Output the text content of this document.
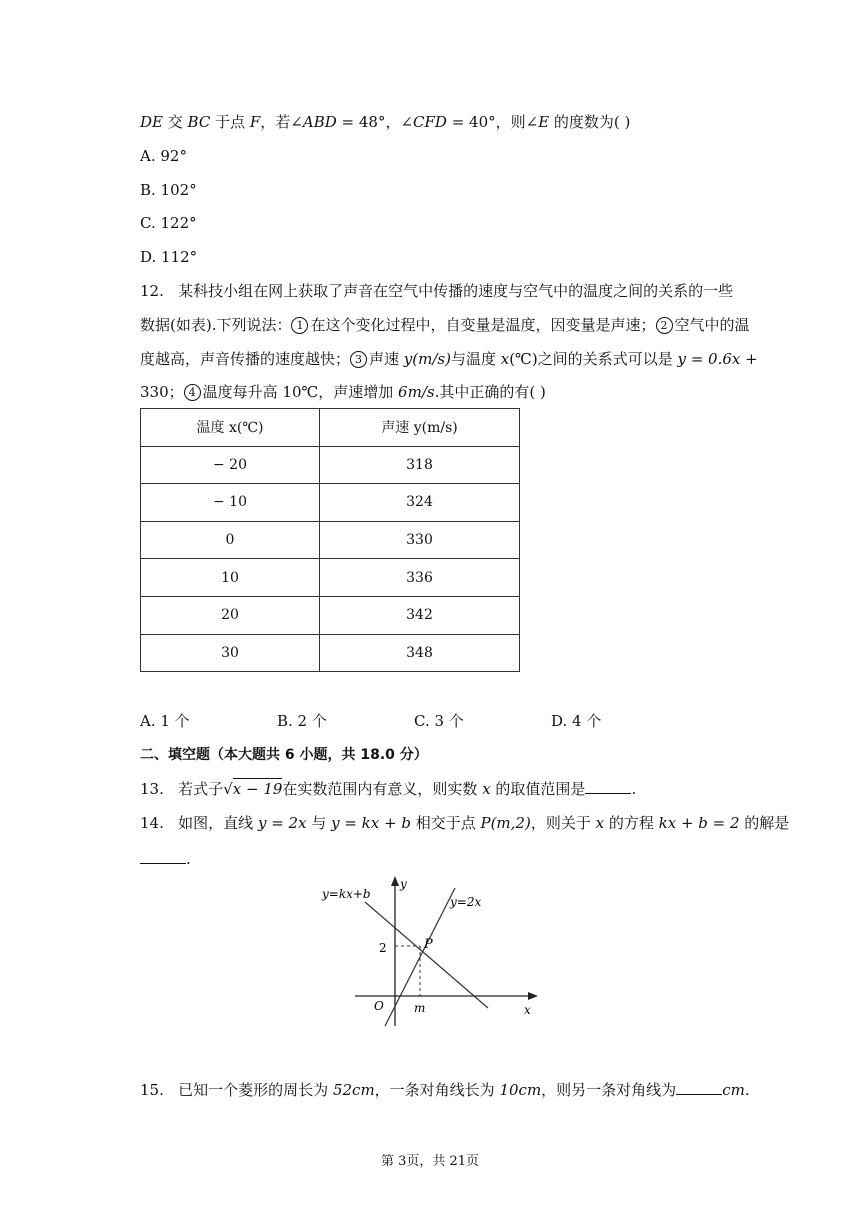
DE 交 BC 于点 F，若∠ABD = 48°，∠CFD = 40°，则∠E 的度数为( )
A. 92°
B. 102°
C. 122°
D. 112°
12. 某科技小组在网上获取了声音在空气中传播的速度与空气中的温度之间的关系的一些
数据(如表).下列说法： 1 在这个变化过程中，自变量是温度，因变量是声速； 2 空气中的温
度越高，声音传播的速度越快； 3 声速 y(m/s)与温度 x(℃)之间的关系式可以是 y = 0.6x +
330； 4 温度每升高 10℃，声速增加 6m/s.其中正确的有( )
温度 x(℃)	声速 y(m/s)
− 20	318
− 10	324
0	330
10	336
20	342
30	348
A. 1 个	B. 2 个	C. 3 个	D. 4 个
二、填空题（本大题共 6 小题，共 18.0 分）
13. 若式子√x − 19在实数范围内有意义，则实数 x 的取值范围是	.
14. 如图，直线 y = 2x 与 y = kx + b 相交于点 P(m,2)，则关于 x 的方程 kx + b = 2 的解是
.
y=kx+b
y=2x
y
x
O
P
2
m
15. 已知一个菱形的周长为 52cm，一条对角线长为 10cm，则另一条对角线为	cm.
第 3页，共 21页
